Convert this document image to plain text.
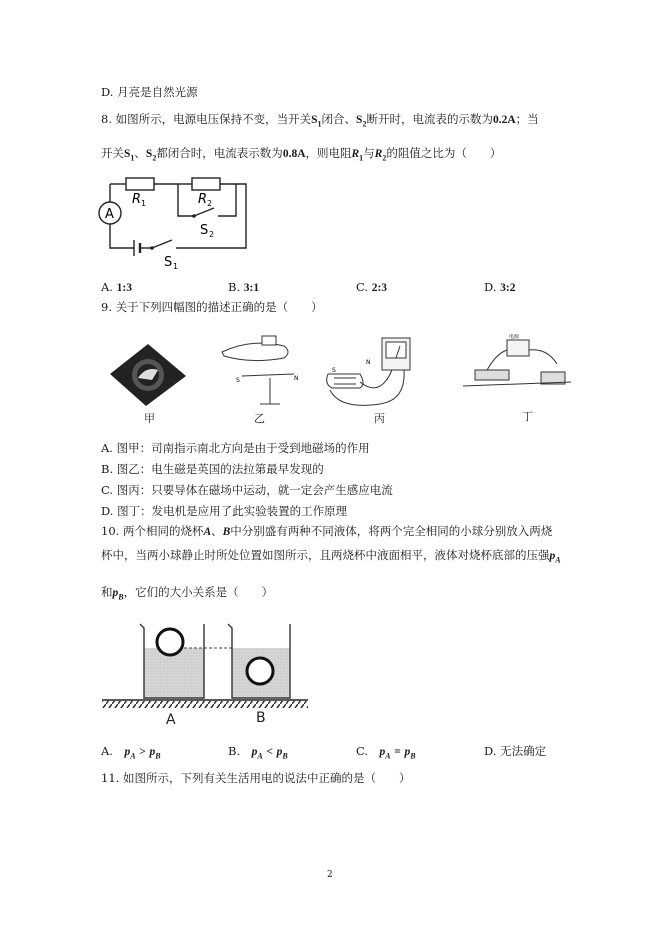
D. 月亮是自然光源
8. 如图所示，电源电压保持不变，当开关$S_1$闭合、$S_2$断开时，电流表的示数为0.2A；当
开关$S_1$、$S_2$都闭合时，电流表示数为0.8A，则电阻$R_1$与$R_2$的阻值之比为（　　）
A
R 1	R 2
S 2
S 1
A. 1:3	B. 3:1	C. 2:3	D. 3:2
9. 关于下列四幅图的描述正确的是（　　）
甲
S	N
乙
N
S
丙
电源
丁
A. 图甲：司南指示南北方向是由于受到地磁场的作用
B. 图乙：电生磁是英国的法拉第最早发现的
C. 图丙：只要导体在磁场中运动，就一定会产生感应电流
D. 图丁：发电机是应用了此实验装置的工作原理
10. 两个相同的烧杯A、B中分别盛有两种不同液体，将两个完全相同的小球分别放入两烧
杯中，当两小球静止时所处位置如图所示，且两烧杯中液面相平，液体对烧杯底部的压强$p_A$
和$p_B$，它们的大小关系是（　　）
A	B
A.  $p_A > p_B$	B.  $p_A < p_B$	C.  $p_A = p_B$	D. 无法确定
11. 如图所示，下列有关生活用电的说法中正确的是（　　）
2
